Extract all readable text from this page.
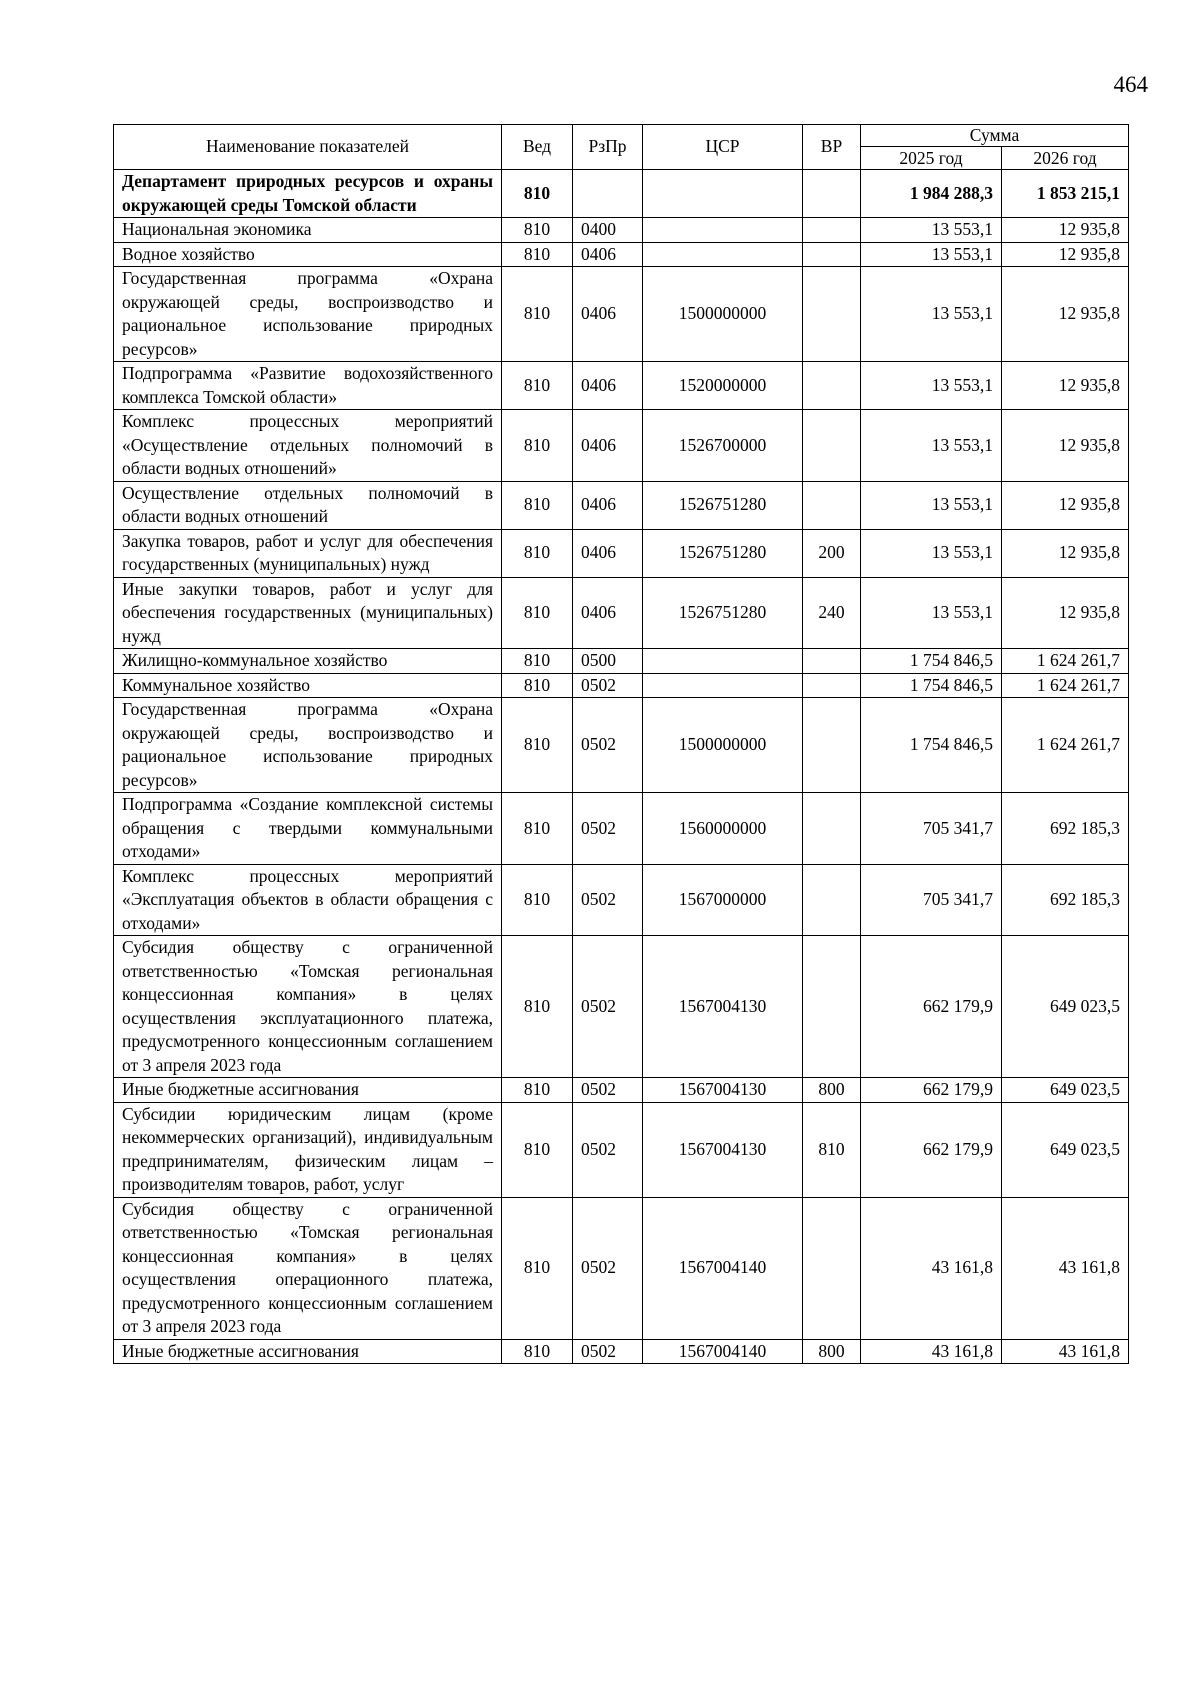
464
Наименование показателей	Вед	РзПр	ЦСР	ВР	Сумма	
					2025 год	2026 год
Департамент природных ресурсов и охраны окружающей среды Томской области	810				1 984 288,3	1 853 215,1
Национальная экономика	810	0400			13 553,1	12 935,8
Водное хозяйство	810	0406			13 553,1	12 935,8
Государственная программа «Охрана окружающей среды, воспроизводство и рациональное использование природных ресурсов»	810	0406	1500000000		13 553,1	12 935,8
Подпрограмма «Развитие водохозяйственного комплекса Томской области»	810	0406	1520000000		13 553,1	12 935,8
Комплекс процессных мероприятий «Осуществление отдельных полномочий в области водных отношений»	810	0406	1526700000		13 553,1	12 935,8
Осуществление отдельных полномочий в области водных отношений	810	0406	1526751280		13 553,1	12 935,8
Закупка товаров, работ и услуг для обеспечения государственных (муниципальных) нужд	810	0406	1526751280	200	13 553,1	12 935,8
Иные закупки товаров, работ и услуг для обеспечения государственных (муниципальных) нужд	810	0406	1526751280	240	13 553,1	12 935,8
Жилищно-коммунальное хозяйство	810	0500			1 754 846,5	1 624 261,7
Коммунальное хозяйство	810	0502			1 754 846,5	1 624 261,7
Государственная программа «Охрана окружающей среды, воспроизводство и рациональное использование природных ресурсов»	810	0502	1500000000		1 754 846,5	1 624 261,7
Подпрограмма «Создание комплексной системы обращения с твердыми коммунальными отходами»	810	0502	1560000000		705 341,7	692 185,3
Комплекс процессных мероприятий «Эксплуатация объектов в области обращения с отходами»	810	0502	1567000000		705 341,7	692 185,3
Субсидия обществу с ограниченной ответственностью «Томская региональная концессионная компания» в целях осуществления эксплуатационного платежа, предусмотренного концессионным соглашением от 3 апреля 2023 года	810	0502	1567004130		662 179,9	649 023,5
Иные бюджетные ассигнования	810	0502	1567004130	800	662 179,9	649 023,5
Субсидии юридическим лицам (кроме некоммерческих организаций), индивидуальным предпринимателям, физическим лицам – производителям товаров, работ, услуг	810	0502	1567004130	810	662 179,9	649 023,5
Субсидия обществу с ограниченной ответственностью «Томская региональная концессионная компания» в целях осуществления операционного платежа, предусмотренного концессионным соглашением от 3 апреля 2023 года	810	0502	1567004140		43 161,8	43 161,8
Иные бюджетные ассигнования	810	0502	1567004140	800	43 161,8	43 161,8
